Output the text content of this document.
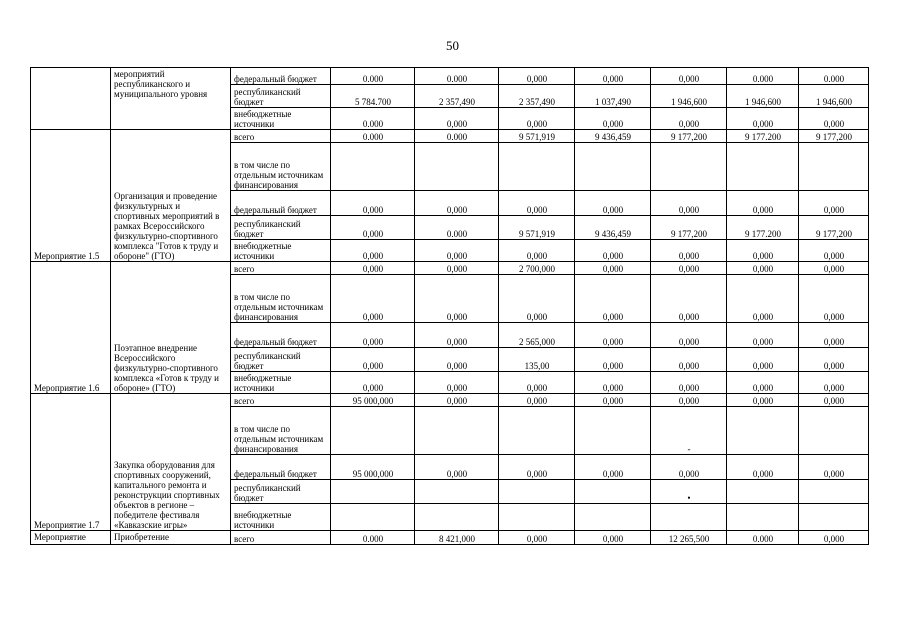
50
	мероприятий республиканского и муниципального уровня	федеральный бюджет	0.000	0.000	0,000	0,000	0,000	0.000	0.000
		республиканский бюджет	5 784.700	2 357,490	2 357,490	1 037,490	1 946,600	1 946,600	1 946,600
		внебюджетные источники	0.000	0,000	0,000	0,000	0,000	0,000	0,000
Мероприятие 1.5	Организация и проведение физкультурных и спортивных мероприятий в рамках Всероссийского физкультурно-спортивного комплекса "Готов к труду и обороне" (ГТО)	всего	0.000	0.000	9 571,919	9 436,459	9 177,200	9 177.200	9 177,200
		в том числе по отдельным источникам финансирования							
		федеральный бюджет	0,000	0,000	0,000	0,000	0,000	0,000	0,000
		республиканский бюджет	0,000	0.000	9 571,919	9 436,459	9 177,200	9 177.200	9 177,200
		внебюджетные источники	0,000	0,000	0,000	0,000	0,000	0,000	0,000
Мероприятие 1.6	Поэтапное внедрение Всероссийского физкультурно-спортивного комплекса «Готов к труду и обороне» (ГТО)	всего	0,000	0,000	2 700,000	0,000	0,000	0,000	0,000
		в том числе по отдельным источникам финансирования	0,000	0,000	0,000	0,000	0,000	0,000	0,000
		федеральный бюджет	0,000	0,000	2 565,000	0,000	0,000	0,000	0,000
		республиканский бюджет	0,000	0,000	135,00	0,000	0,000	0,000	0,000
		внебюджетные источники	0,000	0,000	0,000	0,000	0,000	0,000	0,000
Мероприятие 1.7	Закупка оборудования для спортивных сооружений, капитального ремонта и реконструкции спортивных объектов в регионе – победителе фестиваля «Кавказские игры»	всего	95 000,000	0,000	0,000	0,000	0,000	0,000	0,000
		в том числе по отдельным источникам финансирования					-		
		федеральный бюджет	95 000,000	0,000	0,000	0,000	0,000	0,000	0,000
		республиканский бюджет					•		
		внебюджетные источники							
Мероприятие	Приобретение	всего	0.000	8 421,000	0,000	0,000	12 265,500	0.000	0,000
